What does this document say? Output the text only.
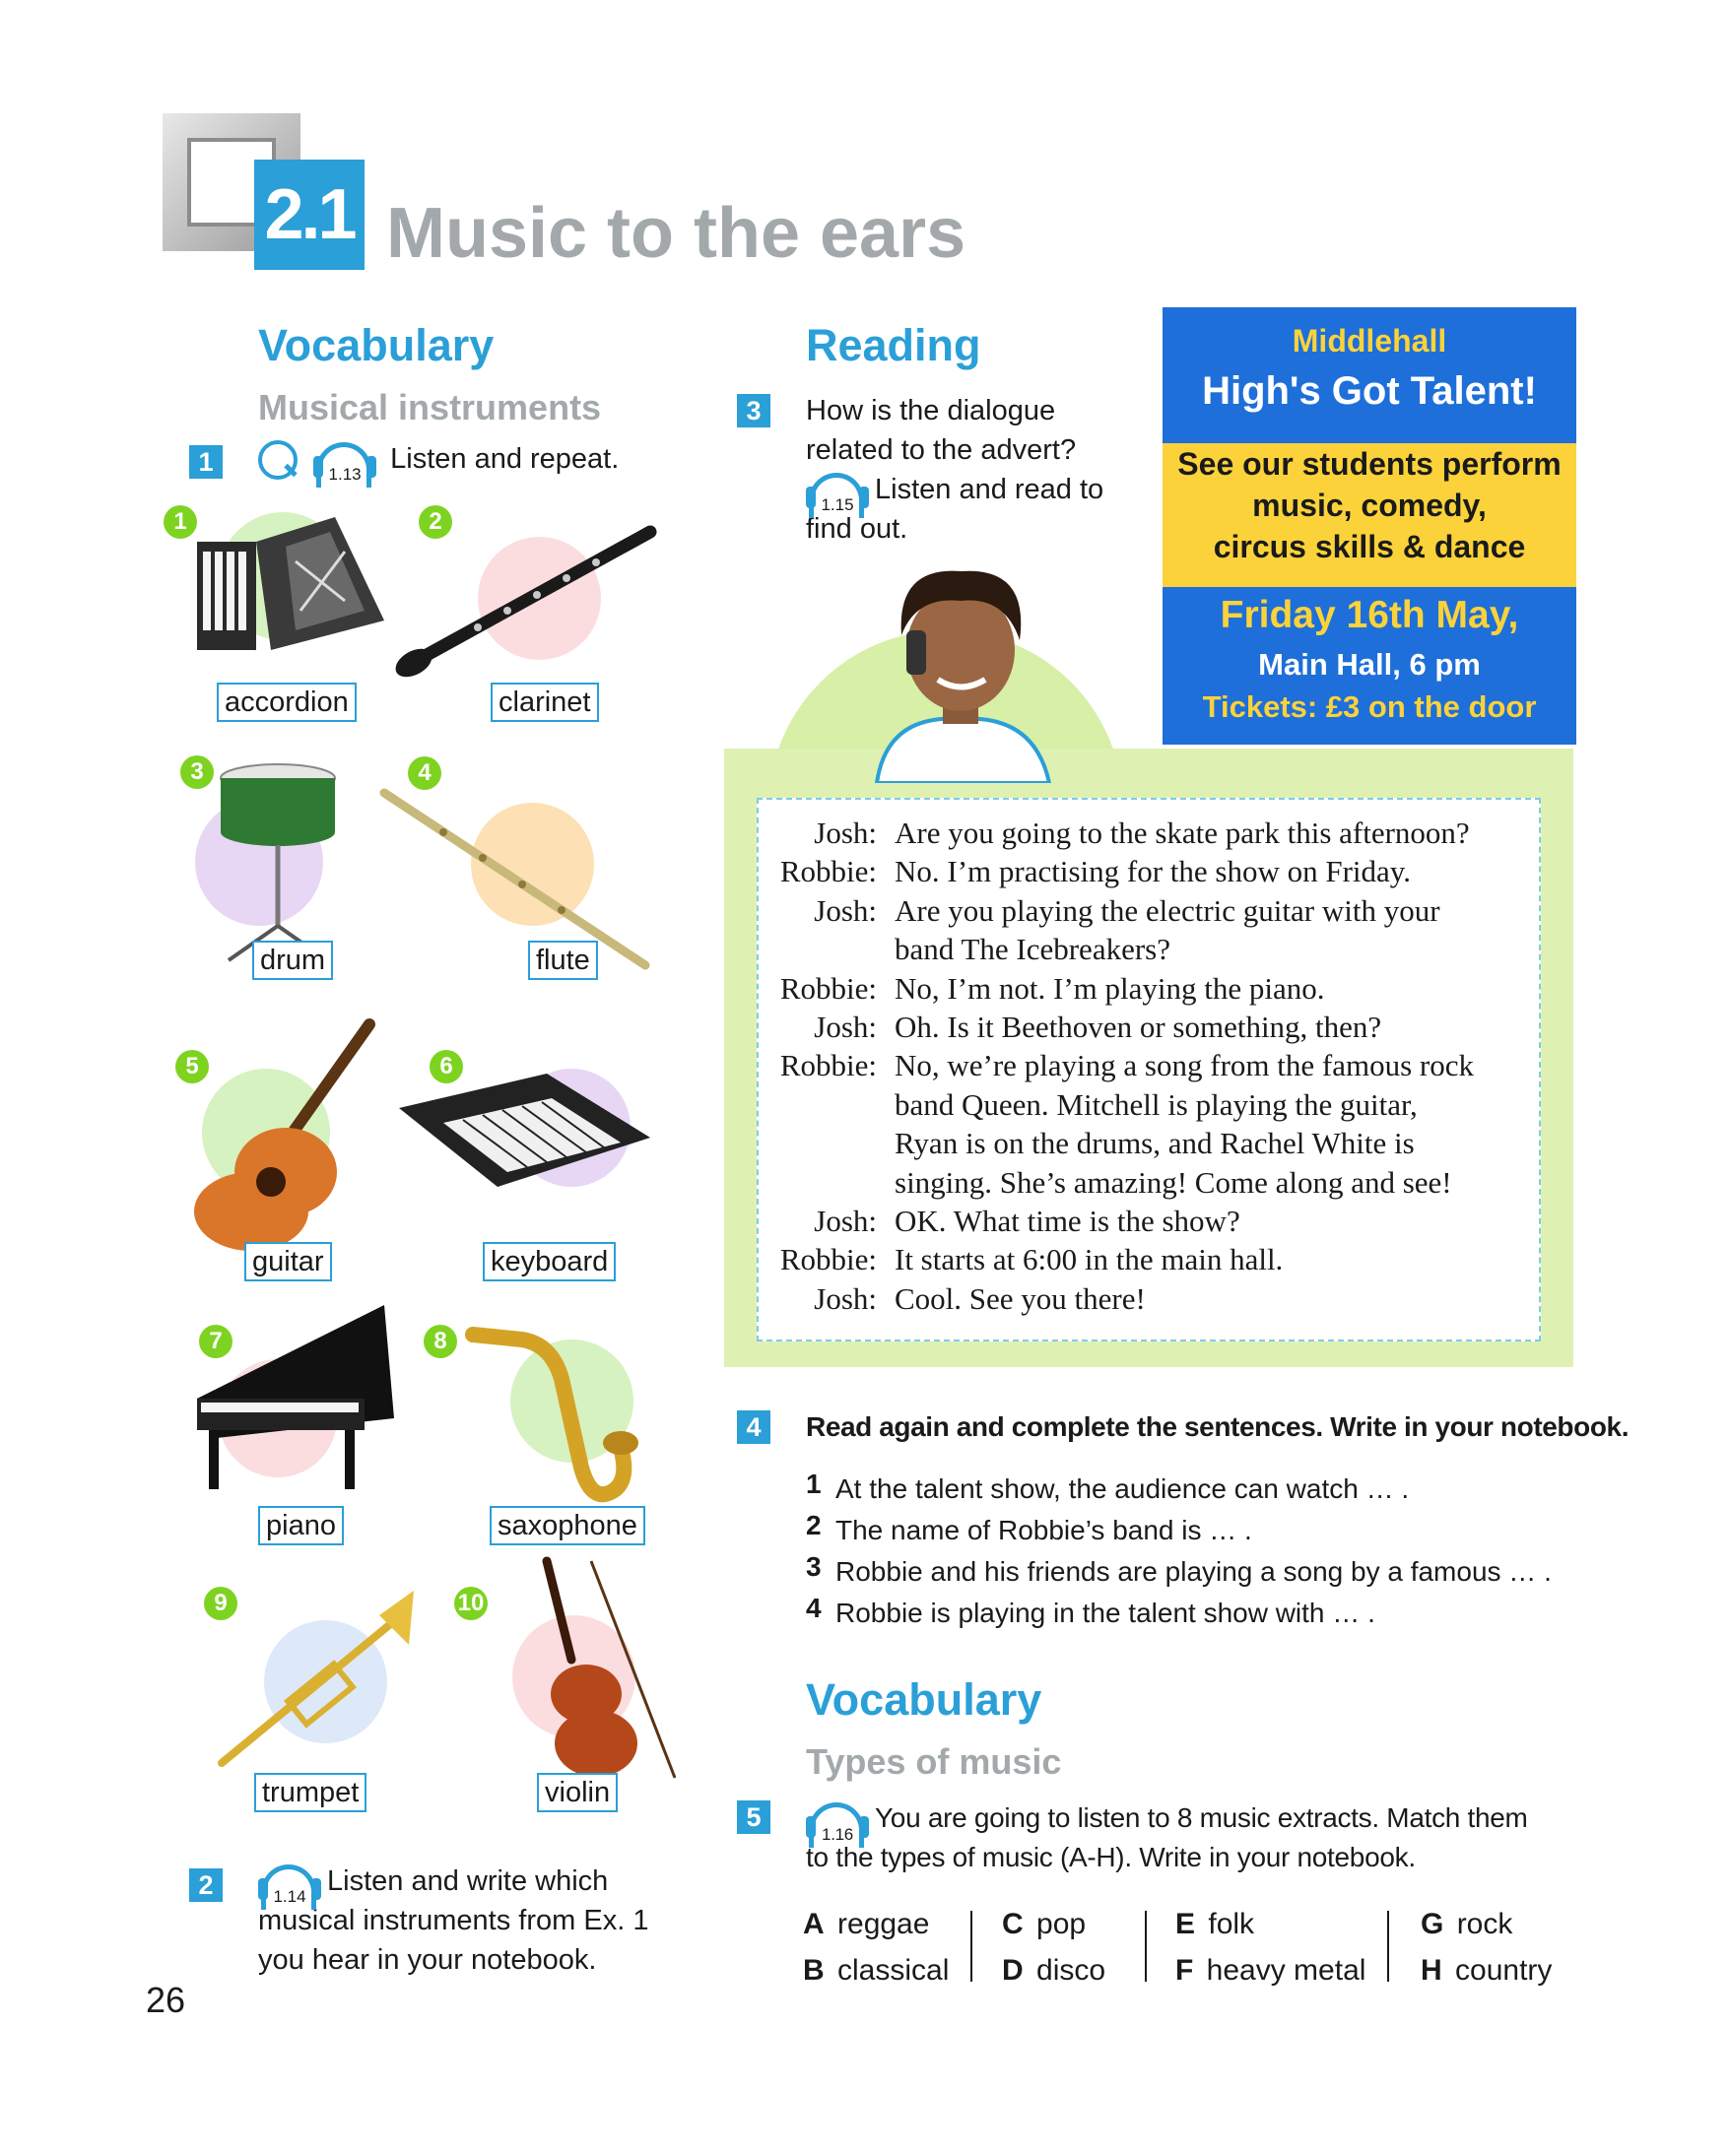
2.1 Music to the ears
Vocabulary
Musical instruments
1
	1.13 Listen and repeat.
1
accordion
2
clarinet
3
drum
4
flute
5
guitar
6
keyboard
7
piano
8
saxophone
9
trumpet
10
violin
2	1.14 Listen and write which
musical instruments from Ex. 1
you hear in your notebook.
26
Reading
3	How is the dialogue
related to the advert?
1.15 Listen and read to
find out.
Middlehall
High's Got Talent!
See our students perform
music, comedy,
circus skills & dance
Friday 16th May,
Main Hall, 6 pm
Tickets: £3 on the door
Josh: Are you going to the skate park this afternoon?
Robbie: No. I’m practising for the show on Friday.
Josh: Are you playing the electric guitar with your
band The Icebreakers?
Robbie: No, I’m not. I’m playing the piano.
Josh: Oh. Is it Beethoven or something, then?
Robbie: No, we’re playing a song from the famous rock
band Queen. Mitchell is playing the guitar,
Ryan is on the drums, and Rachel White is
singing. She’s amazing! Come along and see!
Josh: OK. What time is the show?
Robbie: It starts at 6:00 in the main hall.
Josh: Cool. See you there!
4	Read again and complete the sentences. Write in your notebook.
1 At the talent show, the audience can watch … .
2 The name of Robbie’s band is … .
3 Robbie and his friends are playing a song by a famous … .
4 Robbie is playing in the talent show with … .
Vocabulary
Types of music
5
1.16
You are going to listen to 8 music extracts. Match them
to the types of music (A-H). Write in your notebook.
A reggae
B classical
C pop
D disco
E folk
F heavy metal
G rock
H country
